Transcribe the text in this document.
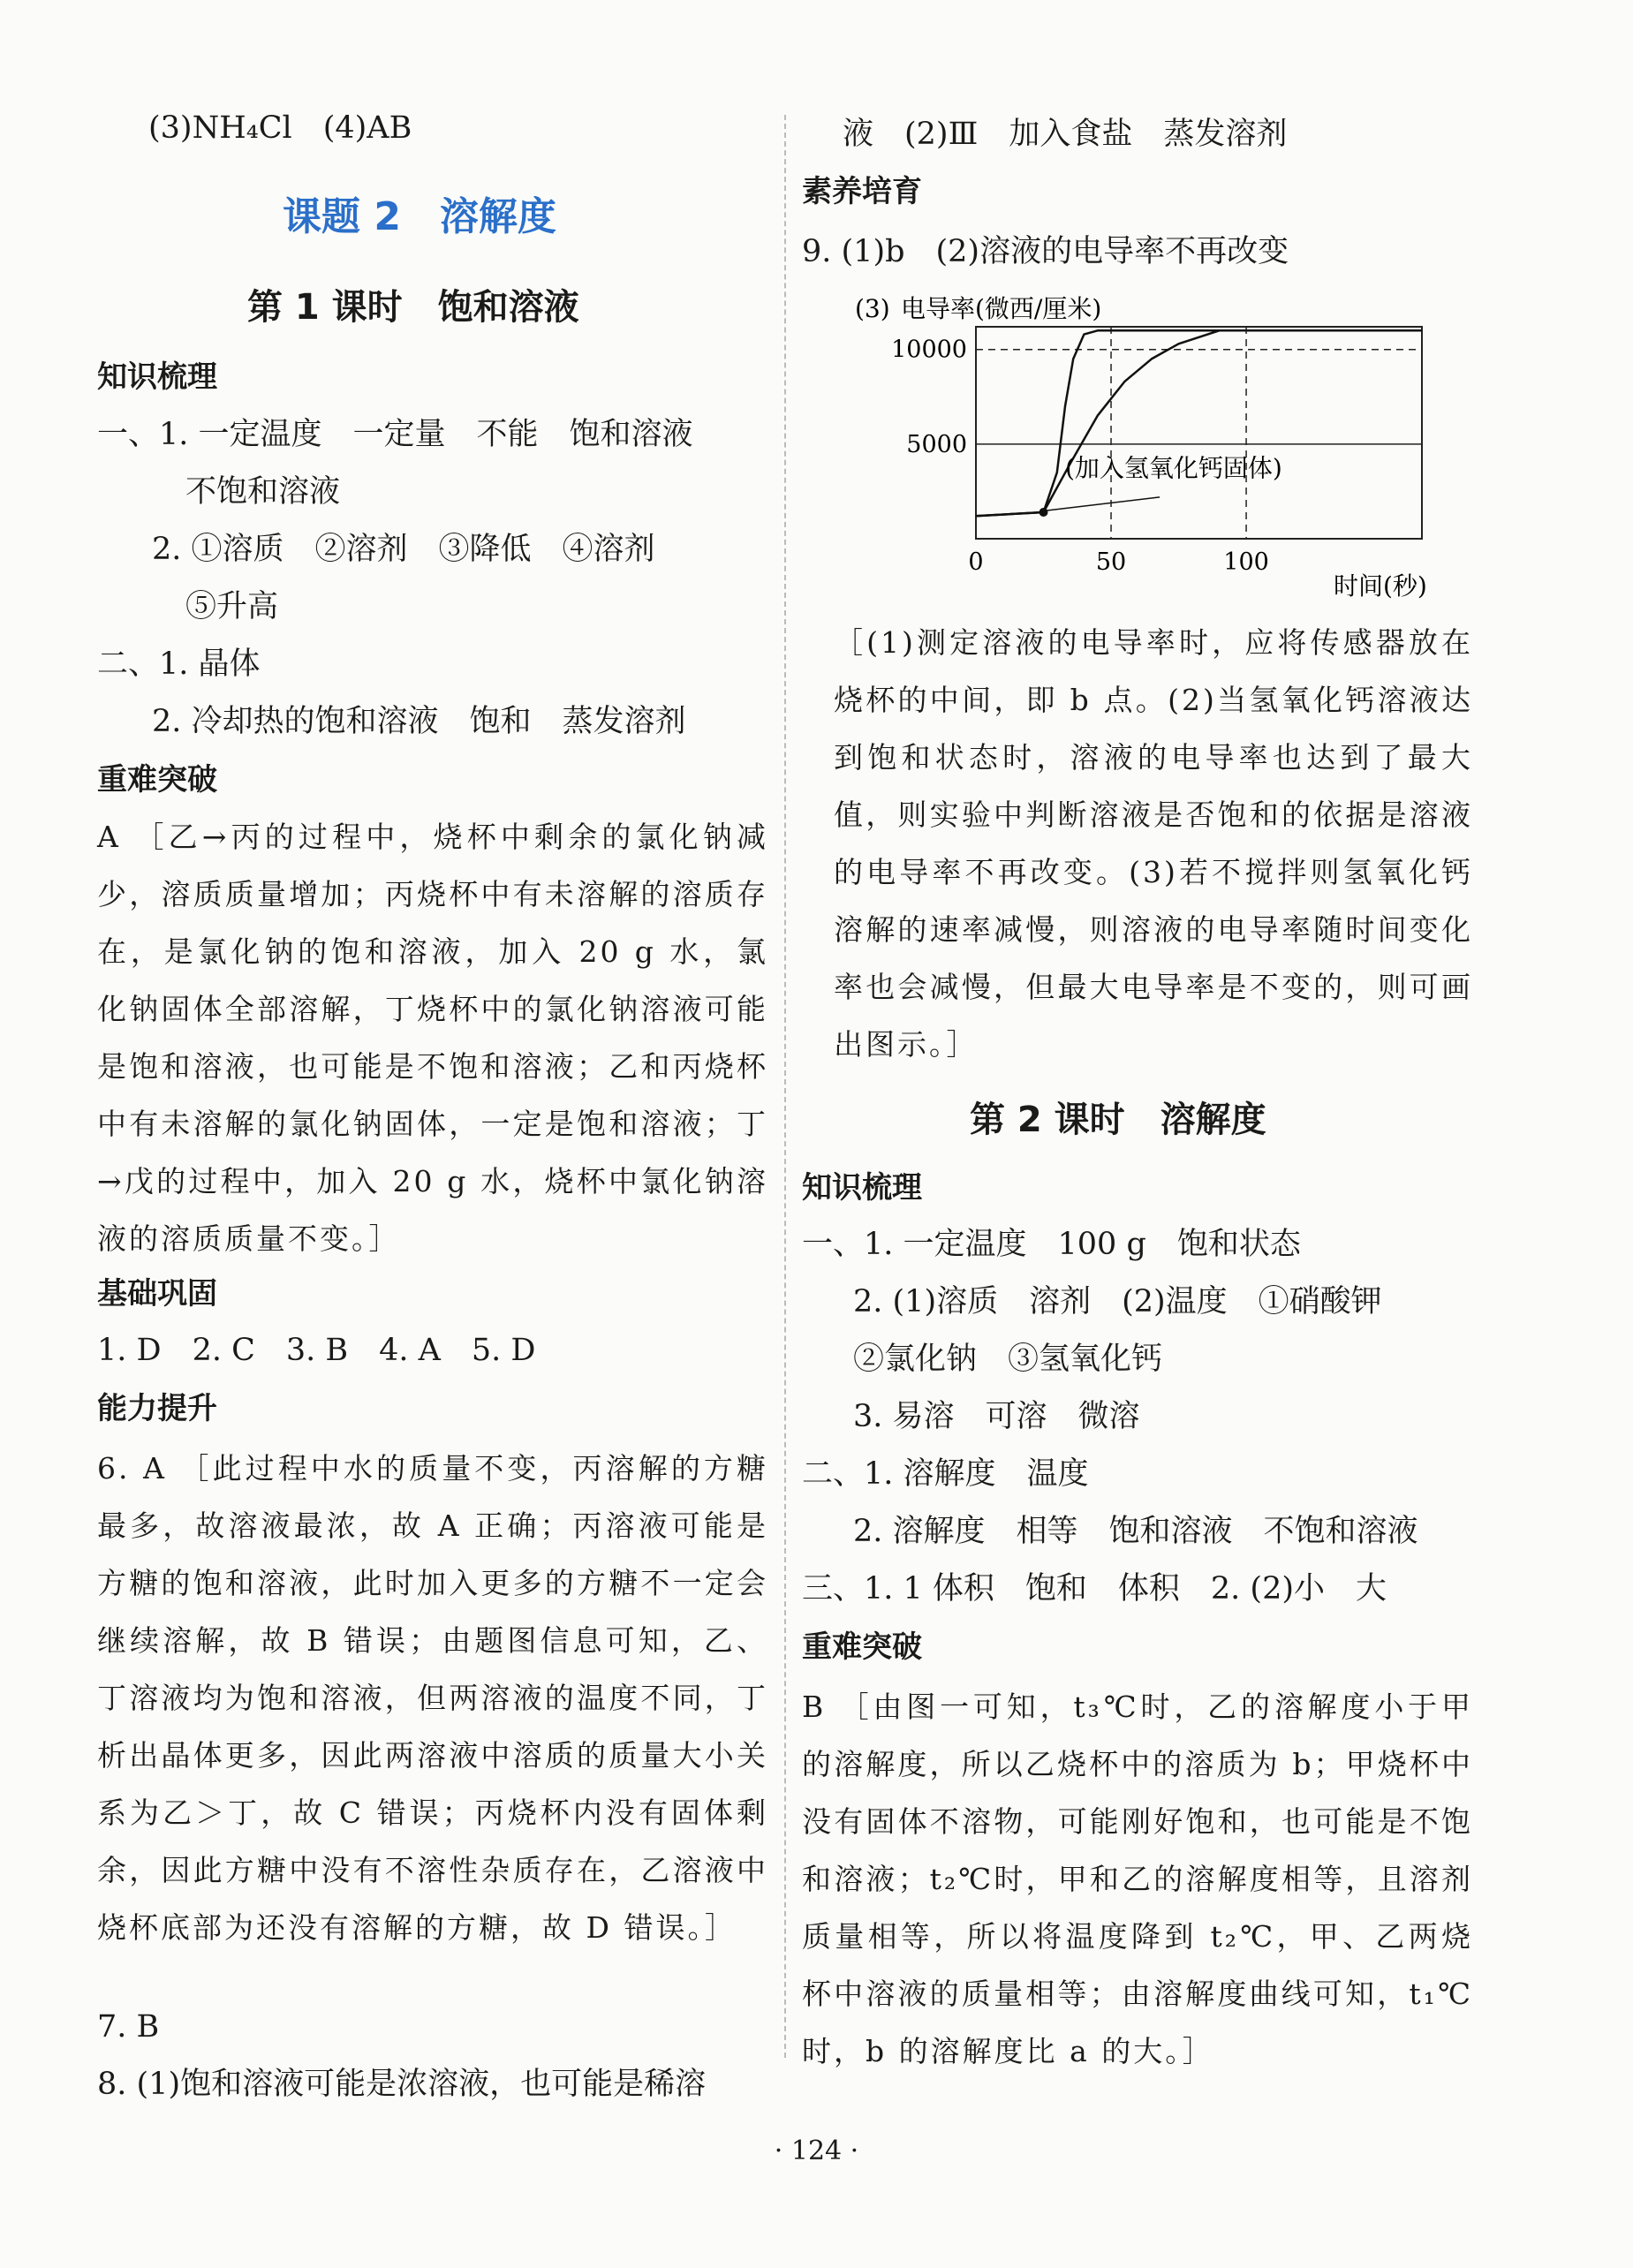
(3)NH₄Cl　(4)AB
课题 2　溶解度
第 1 课时　饱和溶液
知识梳理
一、1. 一定温度　一定量　不能　饱和溶液
不饱和溶液
2. ①溶质　②溶剂　③降低　④溶剂
⑤升高
二、1. 晶体
2. 冷却热的饱和溶液　饱和　蒸发溶剂
重难突破
A ［乙→丙的过程中，烧杯中剩余的氯化钠减少，溶质质量增加；丙烧杯中有未溶解的溶质存在，是氯化钠的饱和溶液，加入 20 g 水，氯化钠固体全部溶解，丁烧杯中的氯化钠溶液可能是饱和溶液，也可能是不饱和溶液；乙和丙烧杯中有未溶解的氯化钠固体，一定是饱和溶液；丁→戊的过程中，加入 20 g 水，烧杯中氯化钠溶液的溶质质量不变。］
基础巩固
1. D　2. C　3. B　4. A　5. D
能力提升
6. A ［此过程中水的质量不变，丙溶解的方糖最多，故溶液最浓，故 A 正确；丙溶液可能是方糖的饱和溶液，此时加入更多的方糖不一定会继续溶解，故 B 错误；由题图信息可知，乙、丁溶液均为饱和溶液，但两溶液的温度不同，丁析出晶体更多，因此两溶液中溶质的质量大小关系为乙＞丁，故 C 错误；丙烧杯内没有固体剩余，因此方糖中没有不溶性杂质存在，乙溶液中烧杯底部为还没有溶解的方糖，故 D 错误。］
7. B
8. (1)饱和溶液可能是浓溶液，也可能是稀溶
液　(2)Ⅲ　加入食盐　蒸发溶剂
素养培育
9. (1)b　(2)溶液的电导率不再改变
［(1)测定溶液的电导率时，应将传感器放在烧杯的中间，即 b 点。(2)当氢氧化钙溶液达到饱和状态时，溶液的电导率也达到了最大值，则实验中判断溶液是否饱和的依据是溶液的电导率不再改变。(3)若不搅拌则氢氧化钙溶解的速率减慢，则溶液的电导率随时间变化率也会减慢，但最大电导率是不变的，则可画出图示。］
第 2 课时　溶解度
知识梳理
一、1. 一定温度　100 g　饱和状态
2. (1)溶质　溶剂　(2)温度　①硝酸钾
②氯化钠　③氢氧化钙
3. 易溶　可溶　微溶
二、1. 溶解度　温度
2. 溶解度　相等　饱和溶液　不饱和溶液
三、1. 1 体积　饱和　体积　2. (2)小　大
重难突破
B ［由图一可知，t₃℃时，乙的溶解度小于甲的溶解度，所以乙烧杯中的溶质为 b；甲烧杯中没有固体不溶物，可能刚好饱和，也可能是不饱和溶液；t₂℃时，甲和乙的溶解度相等，且溶剂质量相等，所以将温度降到 t₂℃，甲、乙两烧杯中溶液的质量相等；由溶解度曲线可知，t₁℃时，b 的溶解度比 a 的大。］
(3) 电导率(微西/厘米)
10000
5000
0	50	100
(加入氢氧化钙固体)
时间(秒)
· 124 ·
